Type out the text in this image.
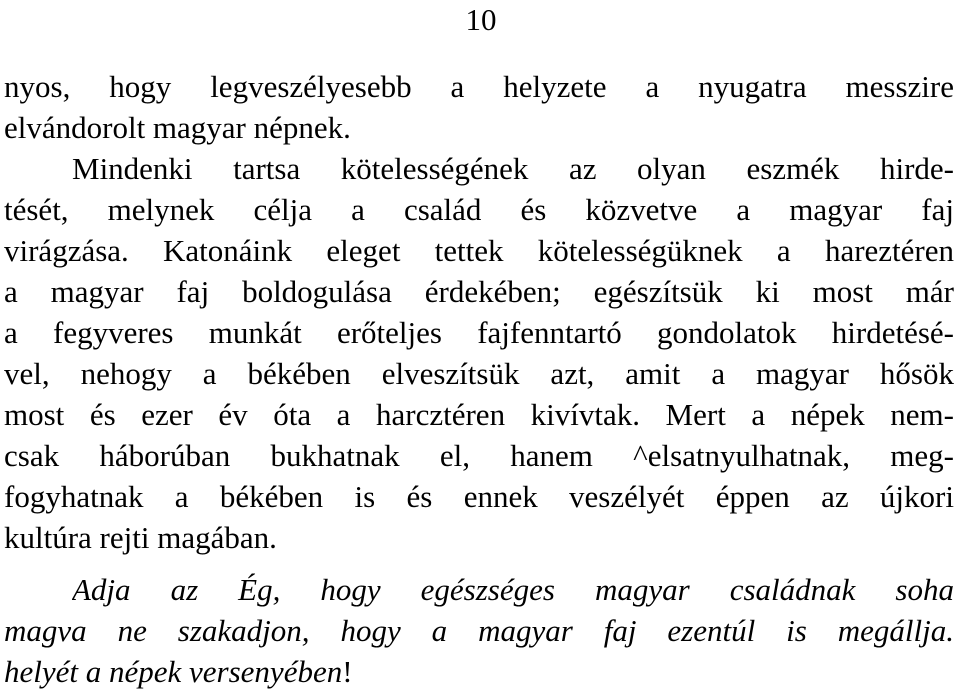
10
nyos, hogy legveszélyesebb a helyzete a nyugatra messzire
elvándorolt magyar népnek.
Mindenki tartsa kötelességének az olyan eszmék hirde-
tését, melynek célja a család és közvetve a magyar faj
virágzása. Katonáink eleget tettek kötelességüknek a hareztéren
a magyar faj boldogulása érdekében; egészítsük ki most már
a fegyveres munkát erőteljes fajfenntartó gondolatok hirdetésé-
vel, nehogy a békében elveszítsük azt, amit a magyar hősök
most és ezer év óta a harcztéren kivívtak. Mert a népek nem-
csak háborúban bukhatnak el, hanem ^elsatnyulhatnak, meg-
fogyhatnak a békében is és ennek veszélyét éppen az újkori
kultúra rejti magában.
Adja az Ég, hogy egészséges magyar családnak soha
magva ne szakadjon, hogy a magyar faj ezentúl is megállja.
helyét a népek versenyében!
